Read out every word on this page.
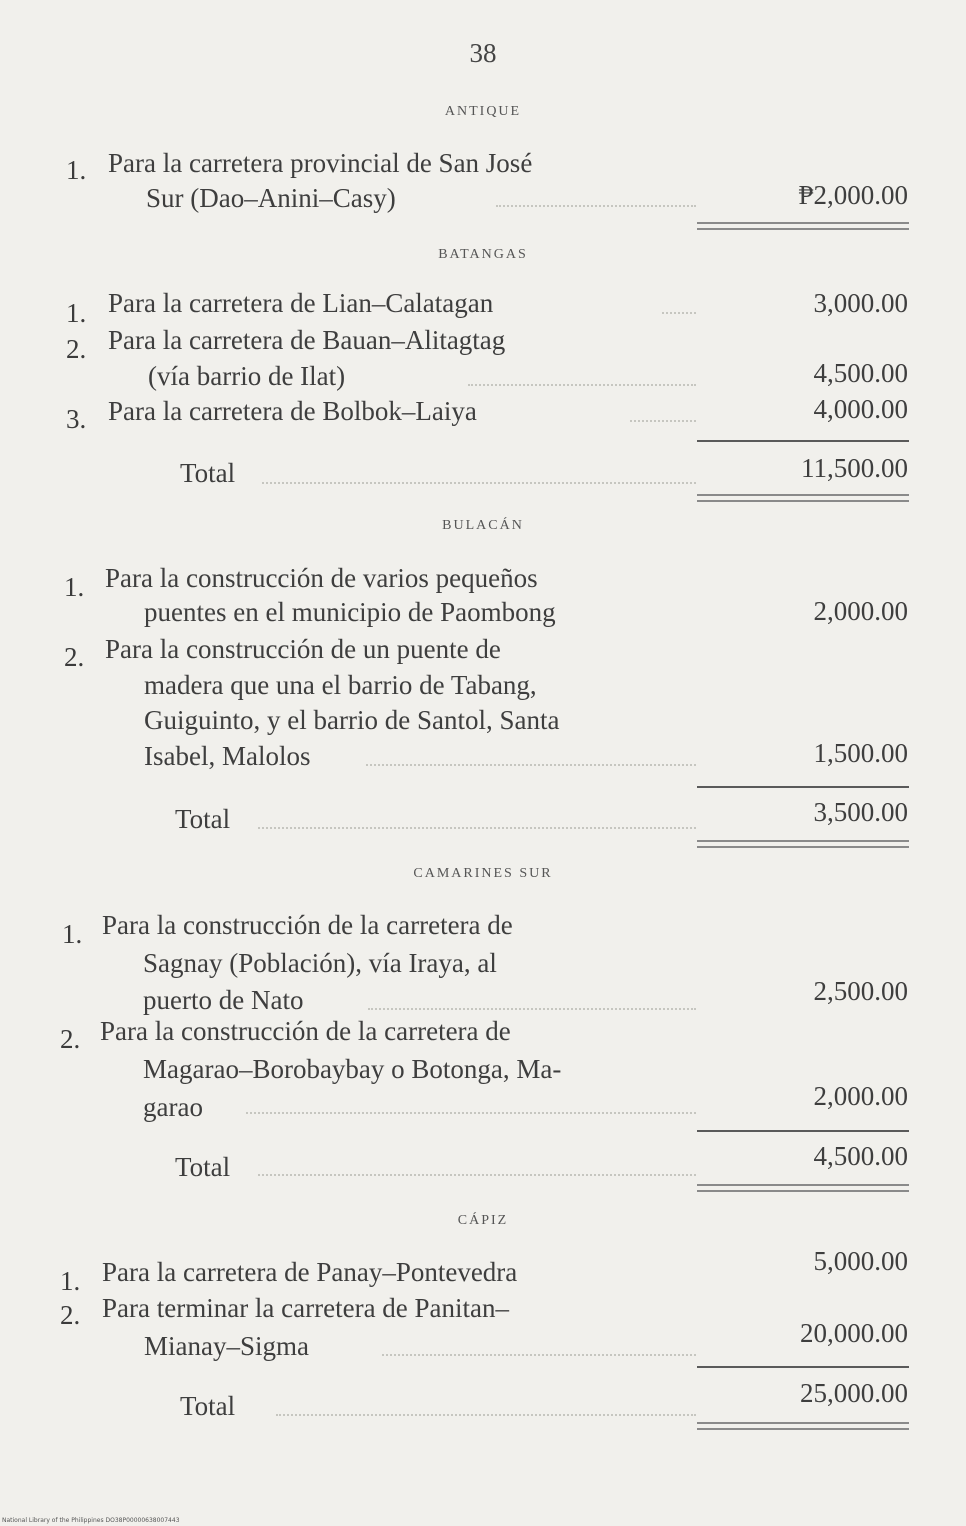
38
ANTIQUE
1. Para la carretera provincial de San José
Sur (Dao–Anini–Casy)	₱2,000.00
BATANGAS
1. Para la carretera de Lian–Calatagan	3,000.00
2. Para la carretera de Bauan–Alitagtag
(vía barrio de Ilat)	4,500.00
3. Para la carretera de Bolbok–Laiya	4,000.00
Total	11,500.00
BULACÁN
1. Para la construcción de varios pequeños
puentes en el municipio de Paombong	2,000.00
2. Para la construcción de un puente de
madera que una el barrio de Tabang,
Guiguinto, y el barrio de Santol, Santa
Isabel, Malolos	1,500.00
Total	3,500.00
CAMARINES SUR
1. Para la construcción de la carretera de
Sagnay (Población), vía Iraya, al
puerto de Nato	2,500.00
2. Para la construcción de la carretera de
Magarao–Borobaybay o Botonga, Ma-
garao	2,000.00
Total	4,500.00
CÁPIZ
1. Para la carretera de Panay–Pontevedra	5,000.00
2. Para terminar la carretera de Panitan–
Mianay–Sigma	20,000.00
Total	25,000.00
National Library of the Philippines DO38P00000638007443
